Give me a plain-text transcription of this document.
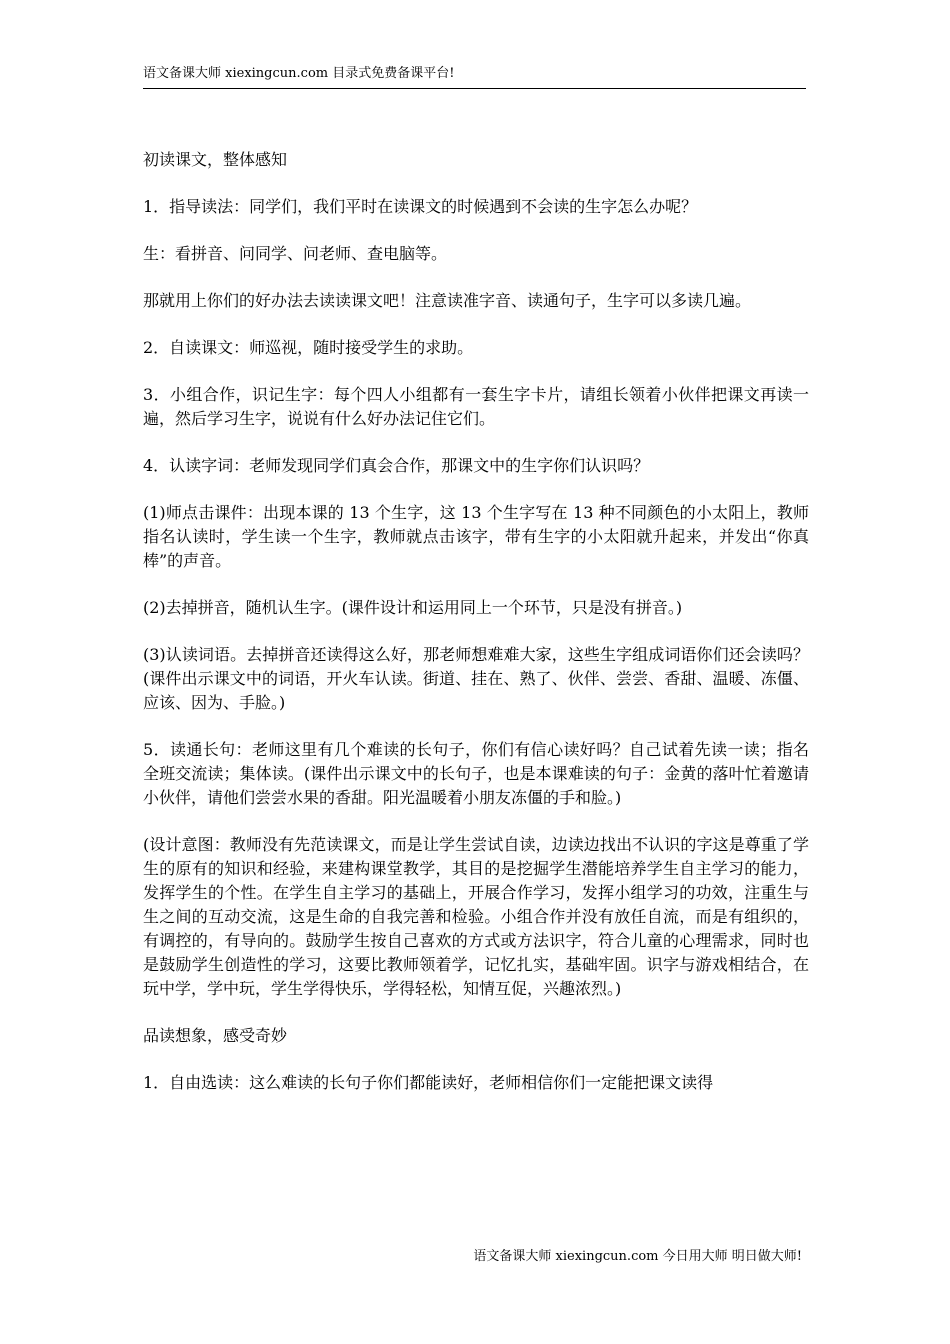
语文备课大师 xiexingcun.com 目录式免费备课平台!

初读课文，整体感知

1．指导读法：同学们，我们平时在读课文的时候遇到不会读的生字怎么办呢？

生：看拼音、问同学、问老师、查电脑等。

那就用上你们的好办法去读读课文吧！注意读准字音、读通句子，生字可以多读几遍。

2．自读课文：师巡视，随时接受学生的求助。

3．小组合作，识记生字：每个四人小组都有一套生字卡片，请组长领着小伙伴把课文再读一遍，然后学习生字，说说有什么好办法记住它们。

4．认读字词：老师发现同学们真会合作，那课文中的生字你们认识吗？

(1)师点击课件：出现本课的 13 个生字，这 13 个生字写在 13 种不同颜色的小太阳上，教师指名认读时，学生读一个生字，教师就点击该字，带有生字的小太阳就升起来，并发出“你真棒”的声音。

(2)去掉拼音，随机认生字。(课件设计和运用同上一个环节，只是没有拼音。)

(3)认读词语。去掉拼音还读得这么好，那老师想难难大家，这些生字组成词语你们还会读吗？(课件出示课文中的词语，开火车认读。街道、挂在、熟了、伙伴、尝尝、香甜、温暖、冻僵、应该、因为、手脸。)

5．读通长句：老师这里有几个难读的长句子，你们有信心读好吗？自己试着先读一读；指名全班交流读；集体读。(课件出示课文中的长句子，也是本课难读的句子：金黄的落叶忙着邀请小伙伴，请他们尝尝水果的香甜。阳光温暖着小朋友冻僵的手和脸。)

(设计意图：教师没有先范读课文，而是让学生尝试自读，边读边找出不认识的字这是尊重了学生的原有的知识和经验，来建构课堂教学，其目的是挖掘学生潜能培养学生自主学习的能力，发挥学生的个性。在学生自主学习的基础上，开展合作学习，发挥小组学习的功效，注重生与生之间的互动交流，这是生命的自我完善和检验。小组合作并没有放任自流，而是有组织的，有调控的，有导向的。鼓励学生按自己喜欢的方式或方法识字，符合儿童的心理需求，同时也是鼓励学生创造性的学习，这要比教师领着学，记忆扎实，基础牢固。识字与游戏相结合，在玩中学，学中玩，学生学得快乐，学得轻松，知情互促，兴趣浓烈。)

品读想象，感受奇妙

1．自由选读：这么难读的长句子你们都能读好，老师相信你们一定能把课文读得

语文备课大师 xiexingcun.com 今日用大师 明日做大师!
